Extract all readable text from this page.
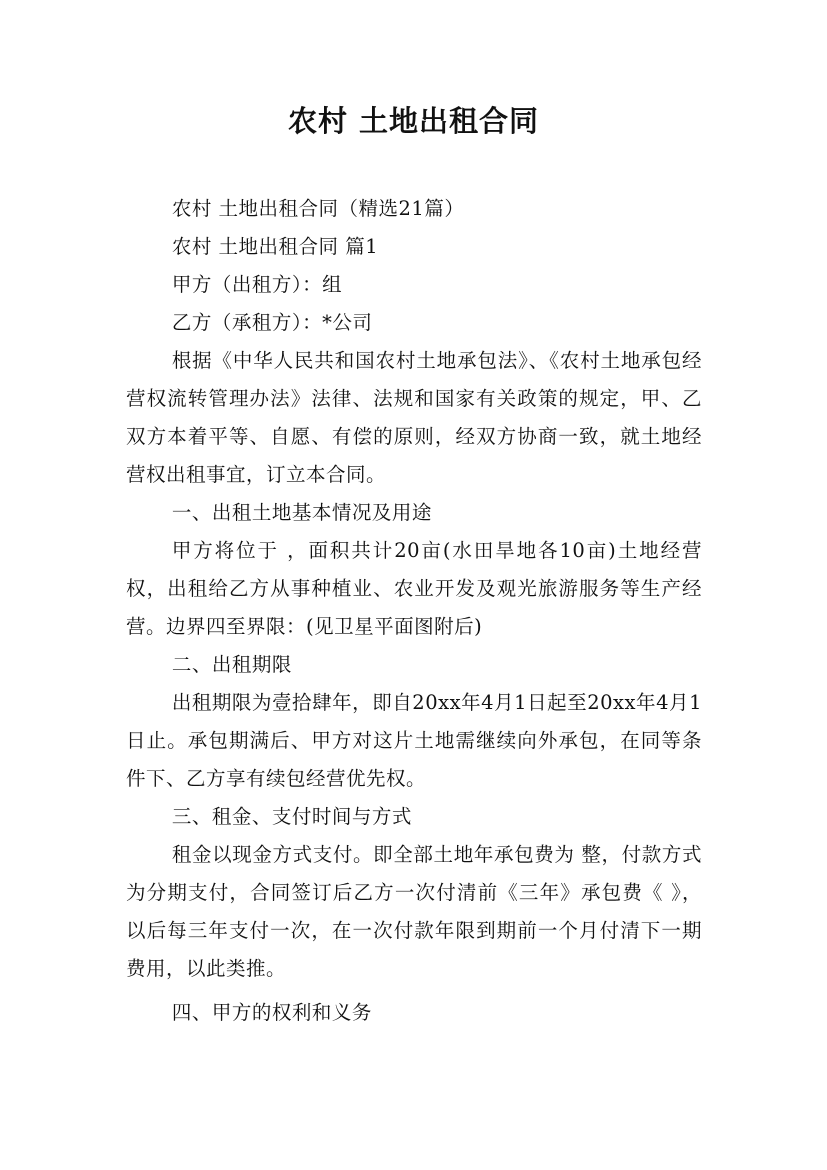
农村 土地出租合同

农村 土地出租合同（精选21篇）

农村 土地出租合同 篇1

甲方（出租方）：组

乙方（承租方）：*公司

根据《中华人民共和国农村土地承包法》、《农村土地承包经营权流转管理办法》法律、法规和国家有关政策的规定，甲、乙双方本着平等、自愿、有偿的原则，经双方协商一致，就土地经营权出租事宜，订立本合同。

一、出租土地基本情况及用途

甲方将位于 ，面积共计20亩(水田旱地各10亩)土地经营权，出租给乙方从事种植业、农业开发及观光旅游服务等生产经营。边界四至界限：(见卫星平面图附后)

二、出租期限

出租期限为壹拾肆年，即自20xx年4月1日起至20xx年4月1日止。承包期满后、甲方对这片土地需继续向外承包，在同等条件下、乙方享有续包经营优先权。

三、租金、支付时间与方式

租金以现金方式支付。即全部土地年承包费为 整，付款方式为分期支付，合同签订后乙方一次付清前《三年》承包费《 》，以后每三年支付一次，在一次付款年限到期前一个月付清下一期费用，以此类推。

四、甲方的权利和义务
